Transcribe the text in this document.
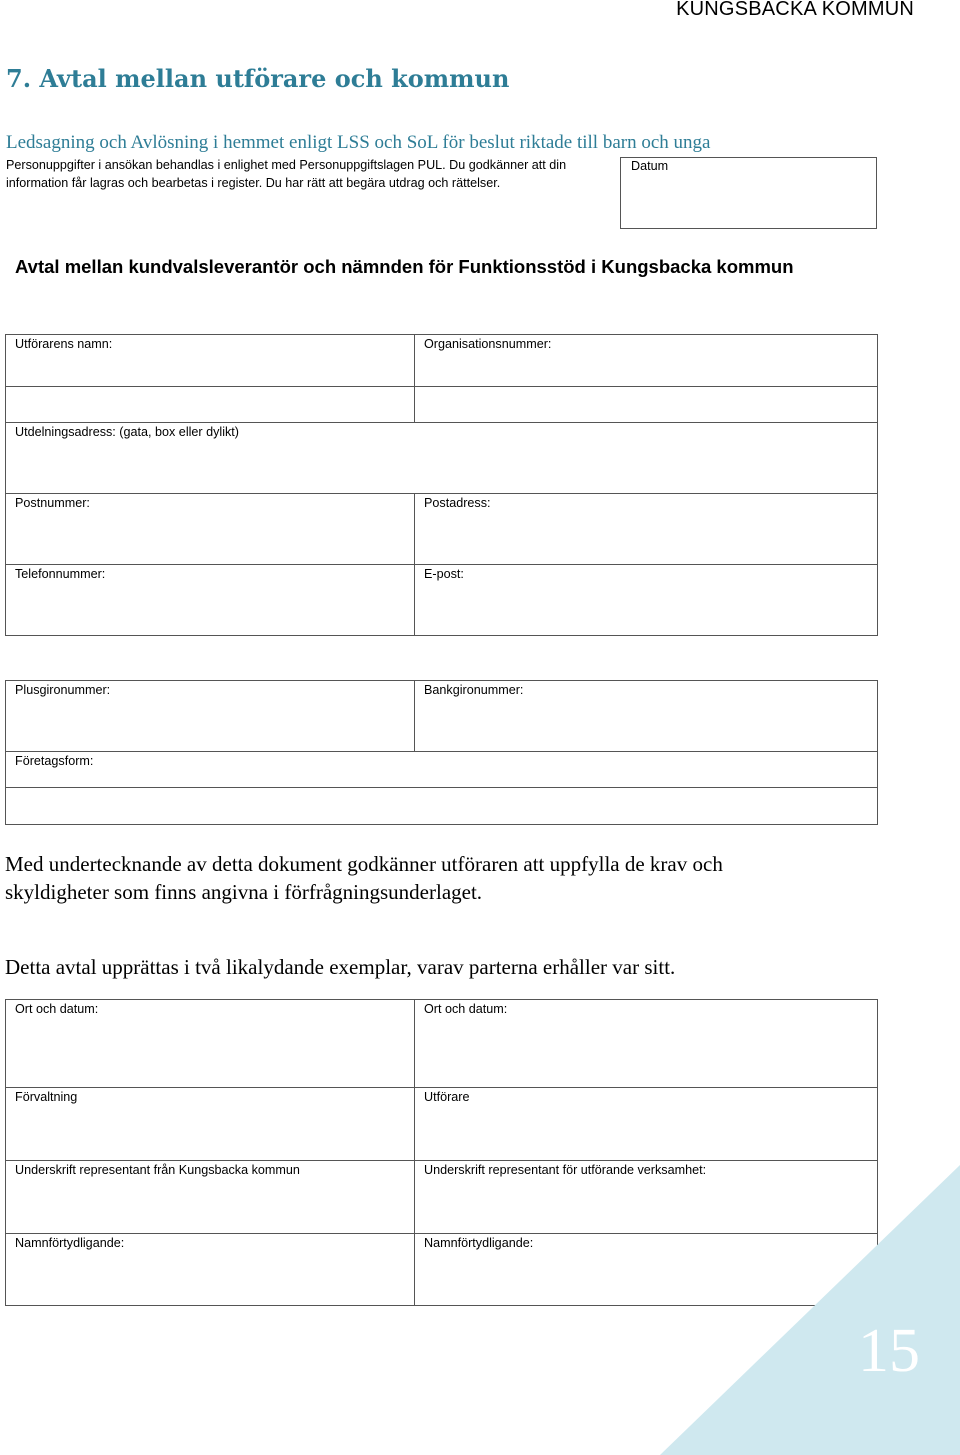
KUNGSBACKA KOMMUN
7. Avtal mellan utförare och kommun
Ledsagning och Avlösning i hemmet enligt LSS och SoL för beslut riktade till barn och unga
Personuppgifter i ansökan behandlas i enlighet med Personuppgiftslagen PUL. Du godkänner att din
information får lagras och bearbetas i register. Du har rätt att begära utdrag och rättelser.
Datum
Avtal mellan kundvalsleverantör och nämnden för Funktionsstöd i Kungsbacka kommun
Utförarens namn:	Organisationsnummer:
Utdelningsadress: (gata, box eller dylikt)
Postnummer:	Postadress:
Telefonnummer:	E-post:
Plusgironummer:	Bankgironummer:
Företagsform:
Med undertecknande av detta dokument godkänner utföraren att uppfylla de krav och skyldigheter som finns angivna i förfrågningsunderlaget.
Detta avtal upprättas i två likalydande exemplar, varav parterna erhåller var sitt.
Ort och datum:	Ort och datum:
Förvaltning	Utförare
Underskrift representant från Kungsbacka kommun	Underskrift representant för utförande verksamhet:
Namnförtydligande:	Namnförtydligande:
15
